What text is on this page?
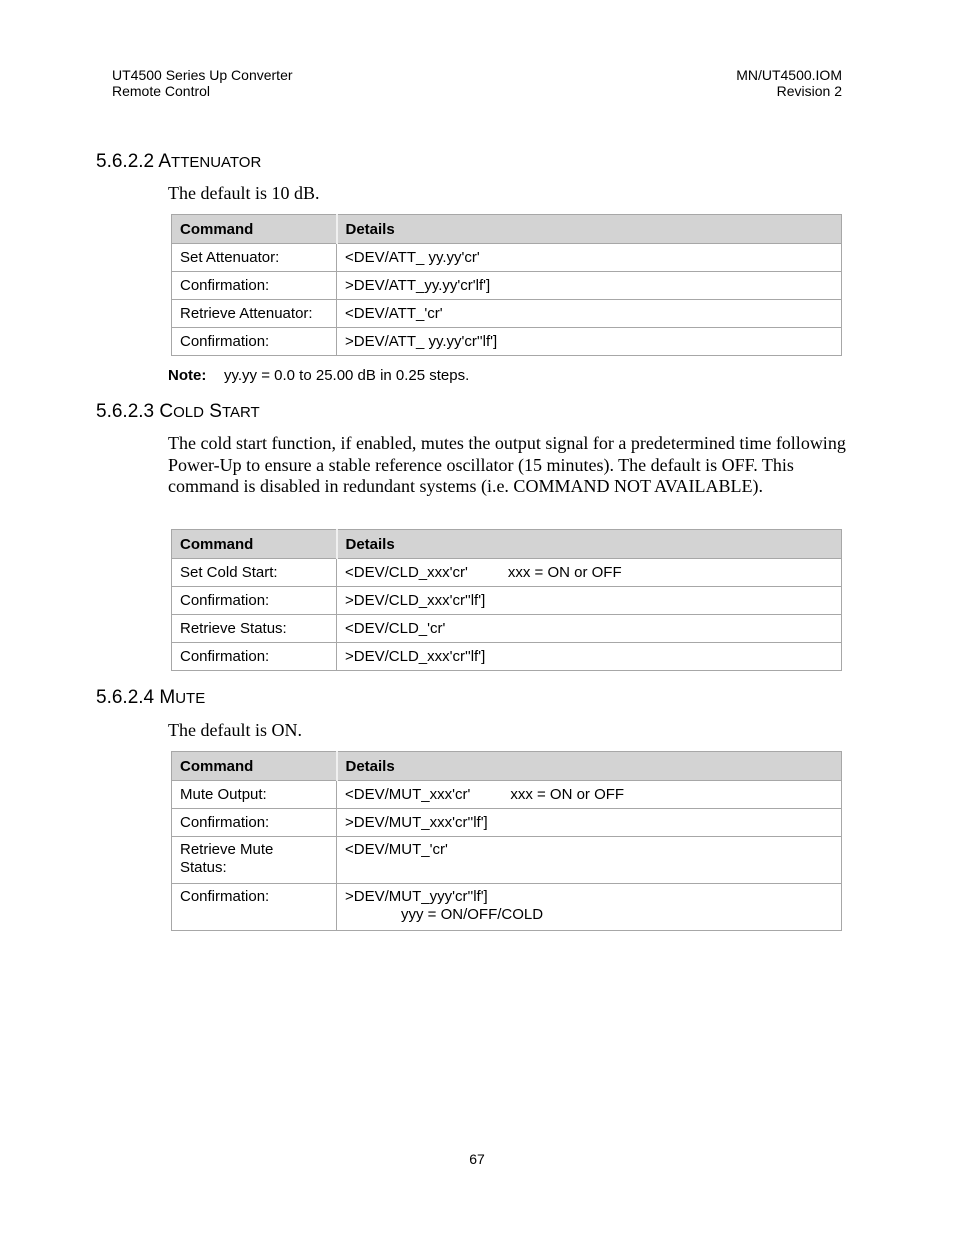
UT4500 Series Up Converter
Remote Control
MN/UT4500.IOM
Revision 2
5.6.2.2 ATTENUATOR
The default is 10 dB.
Command	Details
Set Attenuator:	<DEV/ATT_ yy.yy'cr'
Confirmation:	>DEV/ATT_yy.yy'cr'lf']
Retrieve Attenuator:	<DEV/ATT_'cr'
Confirmation:	>DEV/ATT_ yy.yy'cr''lf']
Note: yy.yy = 0.0 to 25.00 dB in 0.25 steps.
5.6.2.3 COLD START
The cold start function, if enabled, mutes the output signal for a predetermined time following Power-Up to ensure a stable reference oscillator (15 minutes). The default is OFF. This command is disabled in redundant systems (i.e. COMMAND NOT AVAILABLE).
Command	Details
Set Cold Start:	<DEV/CLD_xxx'cr' xxx = ON or OFF
Confirmation:	>DEV/CLD_xxx'cr''lf']
Retrieve Status:	<DEV/CLD_'cr'
Confirmation:	>DEV/CLD_xxx'cr''lf']
5.6.2.4 MUTE
The default is ON.
Command	Details
Mute Output:	<DEV/MUT_xxx'cr' xxx = ON or OFF
Confirmation:	>DEV/MUT_xxx'cr''lf']

Retrieve Mute
Status:	<DEV/MUT_'cr'
Confirmation:	>DEV/MUT_yyy'cr''lf']
yyy = ON/OFF/COLD
67
